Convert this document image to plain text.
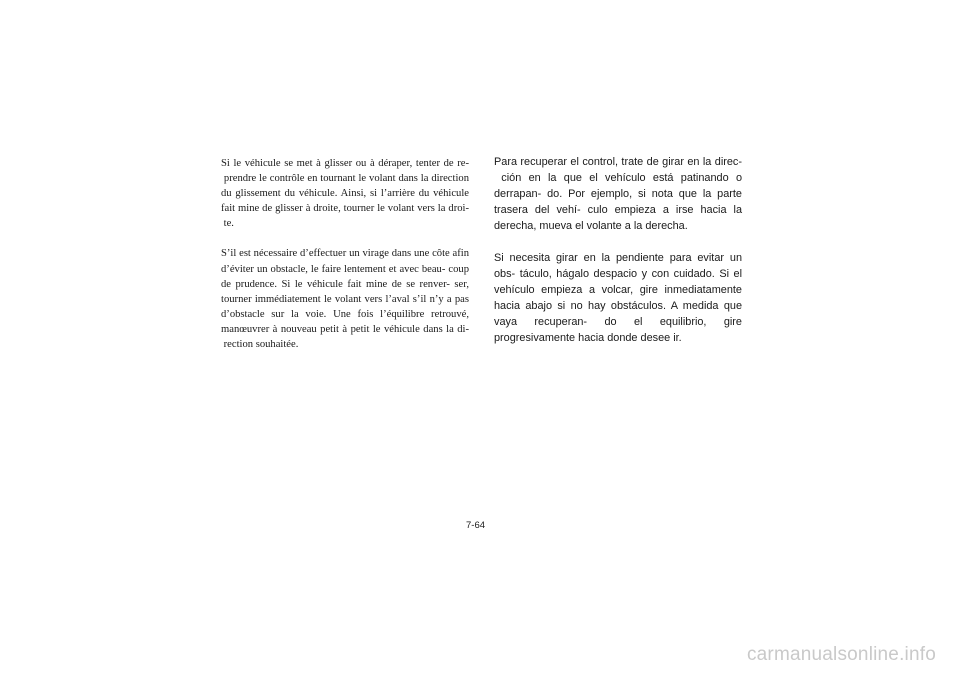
Si le véhicule se met à glisser ou à déraper, tenter de re- prendre le contrôle en tournant le volant dans la direction du glissement du véhicule. Ainsi, si l’arrière du véhicule fait mine de glisser à droite, tourner le volant vers la droi- te.

S’il est nécessaire d’effectuer un virage dans une côte afin d’éviter un obstacle, le faire lentement et avec beau- coup de prudence. Si le véhicule fait mine de se renver- ser, tourner immédiatement le volant vers l’aval s’il n’y a pas d’obstacle sur la voie. Une fois l’équilibre retrouvé, manœuvrer à nouveau petit à petit le véhicule dans la di- rection souhaitée.

Para recuperar el control, trate de girar en la direc- ción en la que el vehículo está patinando o derrapan- do. Por ejemplo, si nota que la parte trasera del vehí- culo empieza a irse hacia la derecha, mueva el volante a la derecha.

Si necesita girar en la pendiente para evitar un obs- táculo, hágalo despacio y con cuidado. Si el vehículo empieza a volcar, gire inmediatamente hacia abajo si no hay obstáculos. A medida que vaya recuperan- do el equilibrio, gire progresivamente hacia donde desee ir.

7-64
carmanualsonline.info
